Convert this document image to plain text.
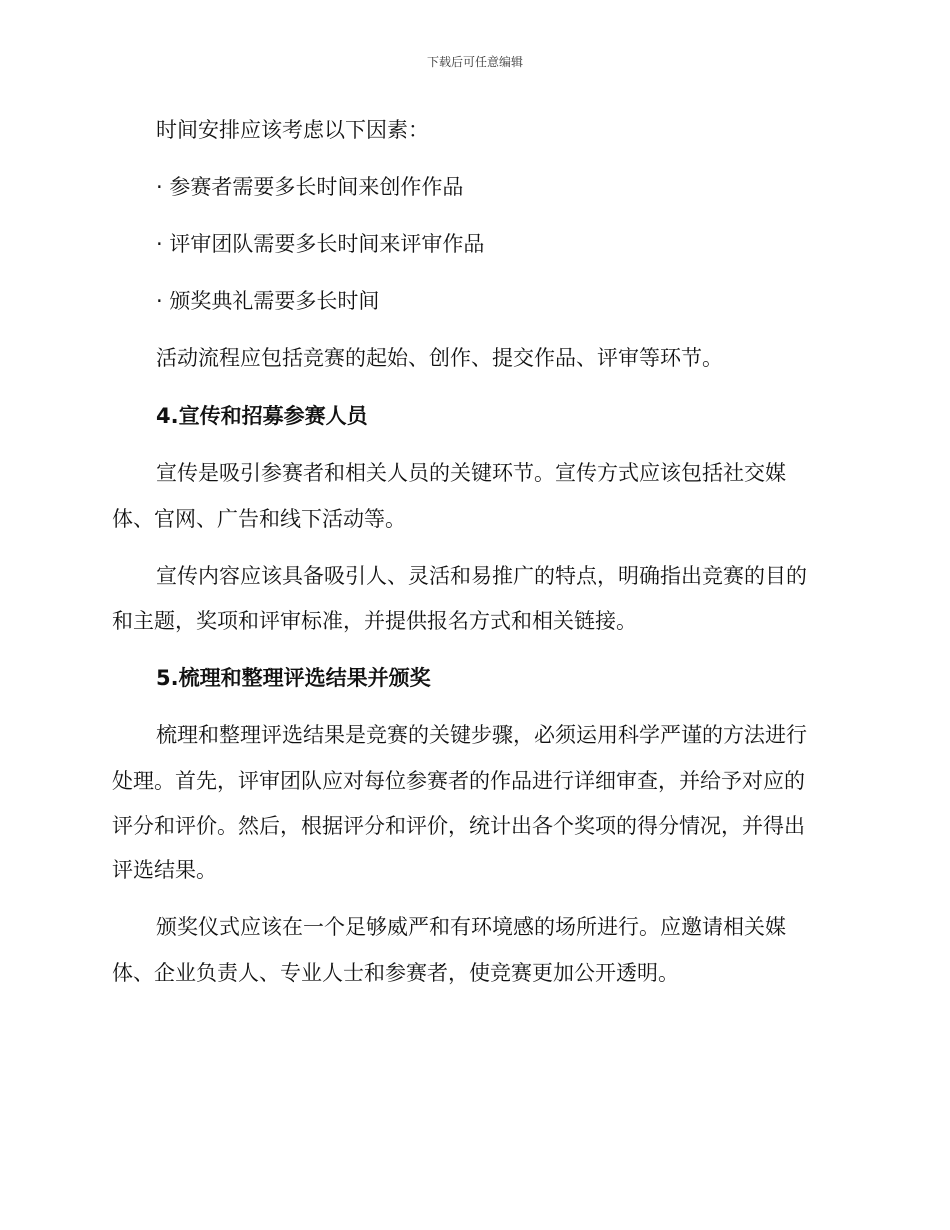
下载后可任意编辑
时间安排应该考虑以下因素：
· 参赛者需要多长时间来创作作品
· 评审团队需要多长时间来评审作品
· 颁奖典礼需要多长时间
活动流程应包括竞赛的起始、创作、提交作品、评审等环节。
4.宣传和招募参赛人员
宣传是吸引参赛者和相关人员的关键环节。宣传方式应该包括社交媒
体、官网、广告和线下活动等。
宣传内容应该具备吸引人、灵活和易推广的特点，明确指出竞赛的目的
和主题，奖项和评审标准，并提供报名方式和相关链接。
5.梳理和整理评选结果并颁奖
梳理和整理评选结果是竞赛的关键步骤，必须运用科学严谨的方法进行
处理。首先，评审团队应对每位参赛者的作品进行详细审查，并给予对应的
评分和评价。然后，根据评分和评价，统计出各个奖项的得分情况，并得出
评选结果。
颁奖仪式应该在一个足够威严和有环境感的场所进行。应邀请相关媒
体、企业负责人、专业人士和参赛者，使竞赛更加公开透明。
